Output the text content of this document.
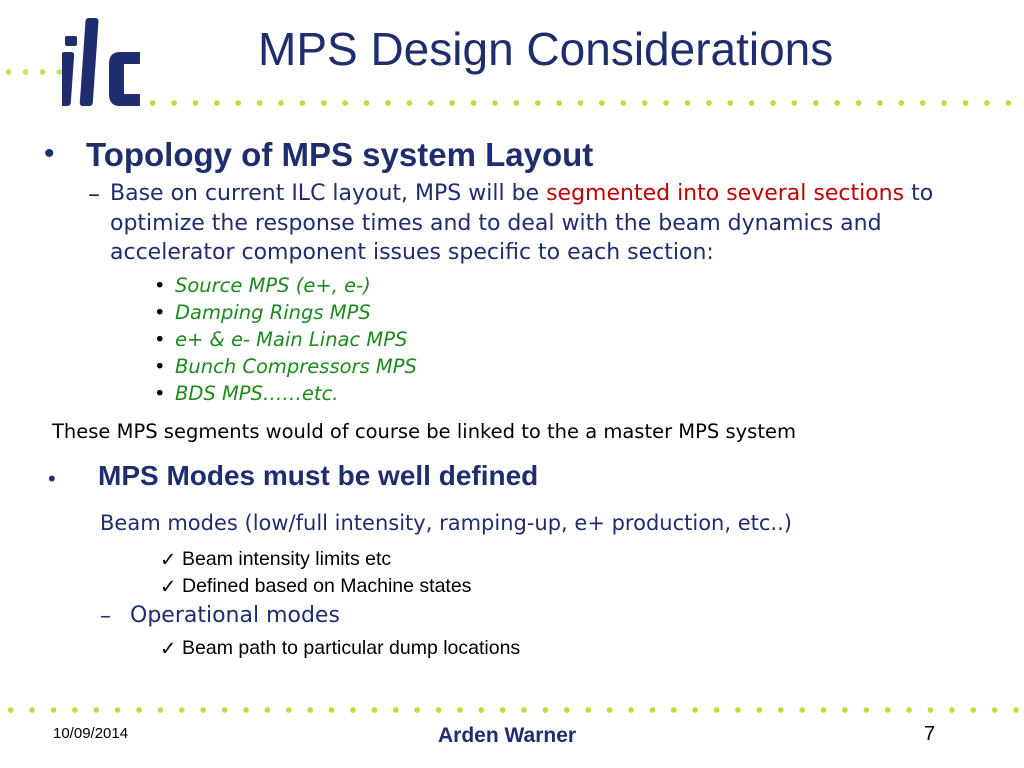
MPS Design Considerations
• Topology of MPS system Layout
– Base on current ILC layout, MPS will be segmented into several sections to optimize the response times and to deal with the beam dynamics and accelerator component issues specific to each section:
• Source MPS (e+, e-)
• Damping Rings MPS
• e+ & e- Main Linac MPS
• Bunch Compressors MPS
• BDS MPS……etc.
These MPS segments would of course be linked to the a master MPS system
• MPS Modes must be well defined
Beam modes (low/full intensity, ramping-up, e+ production, etc..)
✓ Beam intensity limits etc
✓ Defined based on Machine states
– Operational modes
✓ Beam path to particular dump locations
10/09/2014	Arden Warner	7
